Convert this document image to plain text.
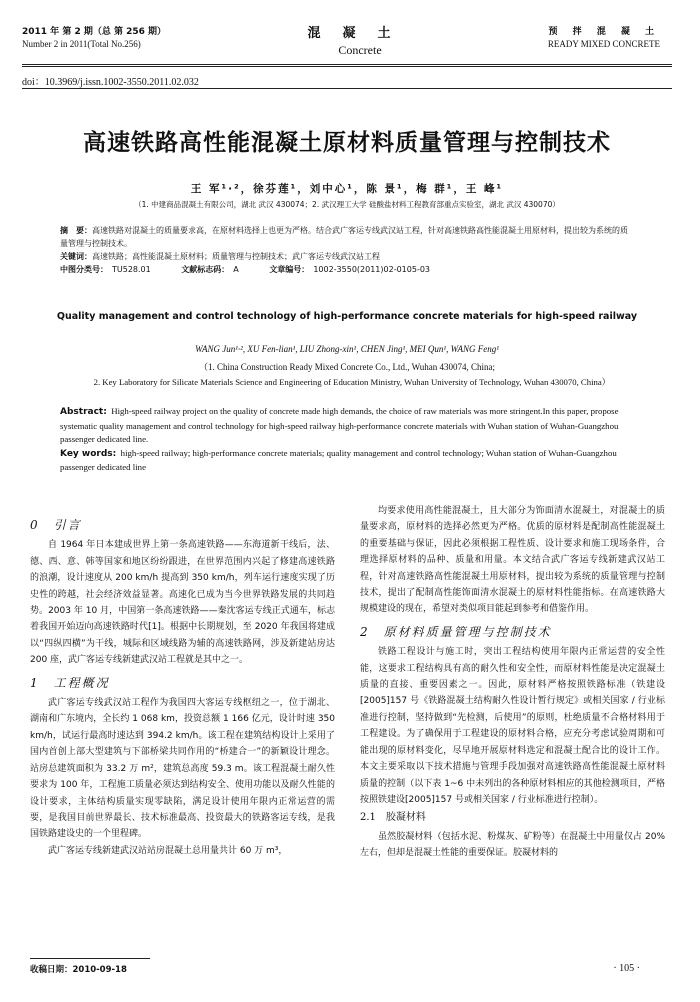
2011 年 第 2 期（总 第 256 期）
Number 2 in 2011(Total No.256)
混凝土
Concrete
预 拌 混 凝 土
READY MIXED CONCRETE
doi：10.3969/j.issn.1002-3550.2011.02.032
高速铁路高性能混凝土原材料质量管理与控制技术
王 军¹·²，徐芬莲¹，刘中心¹，陈 景¹，梅 群¹，王 峰¹
（1. 中建商品混凝土有限公司，湖北 武汉 430074；2. 武汉理工大学 硅酸盐材料工程教育部重点实验室，湖北 武汉 430070）
摘　要：高速铁路对混凝土的质量要求高，在原材料选择上也更为严格。结合武广客运专线武汉站工程，针对高速铁路高性能混凝土用原材料，提出较为系统的质量管理与控制技术。
关键词：高速铁路；高性能混凝土原材料；质量管理与控制技术；武广客运专线武汉站工程
中图分类号： TU528.01	文献标志码： A	文章编号： 1002-3550(2011)02-0105-03
Quality management and control technology of high-performance concrete materials for high-speed railway
WANG Jun¹·², XU Fen-lian¹, LIU Zhong-xin¹, CHEN Jing¹, MEI Qun¹, WANG Feng¹
（1. China Construction Ready Mixed Concrete Co., Ltd., Wuhan 430074, China;
2. Key Laboratory for Silicate Materials Science and Engineering of Education Ministry, Wuhan University of Technology, Wuhan 430070, China）
Abstract: High-speed railway project on the quality of concrete made high demands, the choice of raw materials was more stringent.In this paper, propose systematic quality management and control technology for high-speed railway high-performance concrete materials with Wuhan station of Wuhan-Guangzhou passenger dedicated line.
Key words: high-speed railway; high-performance concrete materials; quality management and control technology; Wuhan station of Wuhan-Guangzhou passenger dedicated line
0　引言

自 1964 年日本建成世界上第一条高速铁路——东海道新干线后，法、德、西、意、韩等国家和地区纷纷跟进，在世界范围内兴起了修建高速铁路的浪潮，设计速度从 200 km/h 提高到 350 km/h，列车运行速度实现了历史性的跨越，社会经济效益显著。高速化已成为当今世界铁路发展的共同趋势。2003 年 10 月，中国第一条高速铁路——秦沈客运专线正式通车，标志着我国开始迈向高速铁路时代[1]。根据中长期规划，至 2020 年我国将建成以“四纵四横”为干线，城际和区域线路为辅的高速铁路网，涉及新建站房达 200 座，武广客运专线新建武汉站工程就是其中之一。

1　工程概况

武广客运专线武汉站工程作为我国四大客运专线枢纽之一，位于湖北、湖南和广东境内，全长约 1 068 km，投资总额 1 166 亿元，设计时速 350 km/h，试运行最高时速达到 394.2 km/h。该工程在建筑结构设计上采用了国内首创上部大型建筑与下部桥梁共同作用的“桥建合一”的新颖设计理念。站房总建筑面积为 33.2 万 m²，建筑总高度 59.3 m。该工程混凝土耐久性要求为 100 年，工程施工质量必须达到结构安全、使用功能以及耐久性能的设计要求，主体结构质量实现零缺陷，满足设计使用年限内正常运营的需要，是我国目前世界最长、技术标准最高、投资最大的铁路客运专线，是我国铁路建设史的一个里程碑。

武广客运专线新建武汉站站房混凝土总用量共计 60 万 m³，

均要求使用高性能混凝土，且大部分为饰面清水混凝土，对混凝土的质量要求高，原材料的选择必然更为严格。优质的原材料是配制高性能混凝土的重要基础与保证，因此必须根据工程性质、设计要求和施工现场条件，合理选择原材料的品种、质量和用量。本文结合武广客运专线新建武汉站工程，针对高速铁路高性能混凝土用原材料，提出较为系统的质量管理与控制技术，提出了配制高性能饰面清水混凝土的原材料性能指标。在高速铁路大规模建设的现在，希望对类似项目能起到参考和借鉴作用。

2　原材料质量管理与控制技术

铁路工程设计与施工时，突出工程结构使用年限内正常运营的安全性能，这要求工程结构具有高的耐久性和安全性，而原材料性能是决定混凝土质量的直接、重要因素之一。因此，原材料严格按照铁路标准（铁建设[2005]157 号《铁路混凝土结构耐久性设计暂行规定》或相关国家 / 行业标准进行控制，坚持做到“先检测，后使用”的原则，杜绝质量不合格材料用于工程建设。为了确保用于工程建设的原材料合格，应充分考虑试验周期和可能出现的原材料变化，尽早地开展原材料选定和混凝土配合比的设计工作。本文主要采取以下技术措施与管理手段加强对高速铁路高性能混凝土原材料质量的控制（以下表 1~6 中未列出的各种原材料相应的其他检测项目，严格按照铁建设[2005]157 号或相关国家 / 行业标准进行控制）。

2.1　胶凝材料

虽然胶凝材料（包括水泥、粉煤灰、矿粉等）在混凝土中用量仅占 20%左右，但却是混凝土性能的重要保证。胶凝材料的

收稿日期：2010-09-18	· 105 ·
